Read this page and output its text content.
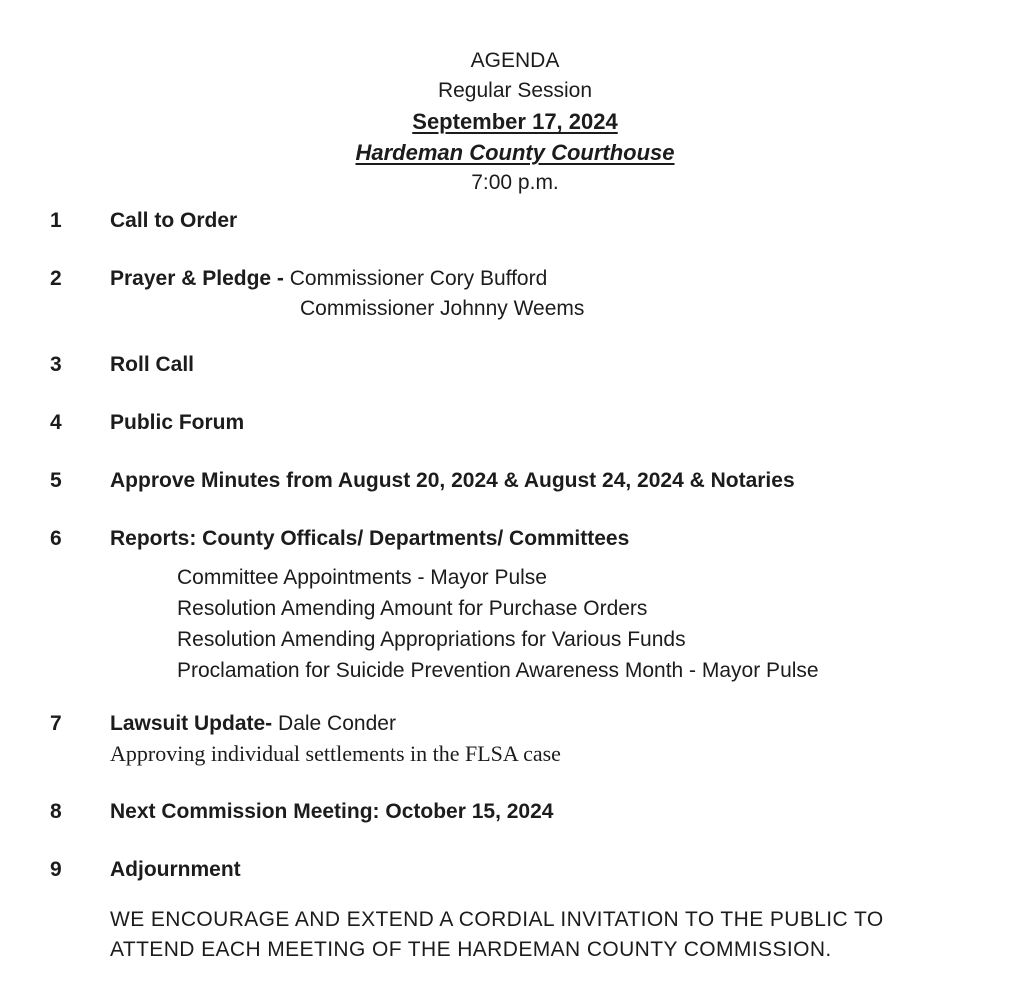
AGENDA
Regular Session
September 17, 2024
Hardeman County Courthouse
7:00 p.m.
1	Call to Order
2	Prayer & Pledge - Commissioner Cory Bufford
Commissioner Johnny Weems
3	Roll Call
4	Public Forum
5	Approve Minutes from August 20, 2024 & August 24, 2024 & Notaries
6	Reports: County Officals/ Departments/ Committees
Committee Appointments - Mayor Pulse
Resolution Amending Amount for Purchase Orders
Resolution Amending Appropriations for Various Funds
Proclamation for Suicide Prevention Awareness Month - Mayor Pulse
7	Lawsuit Update- Dale Conder
Approving individual settlements in the FLSA case
8	Next Commission Meeting: October 15, 2024
9	Adjournment

WE ENCOURAGE AND EXTEND A CORDIAL INVITATION TO THE PUBLIC TO ATTEND EACH MEETING OF THE HARDEMAN COUNTY COMMISSION.
